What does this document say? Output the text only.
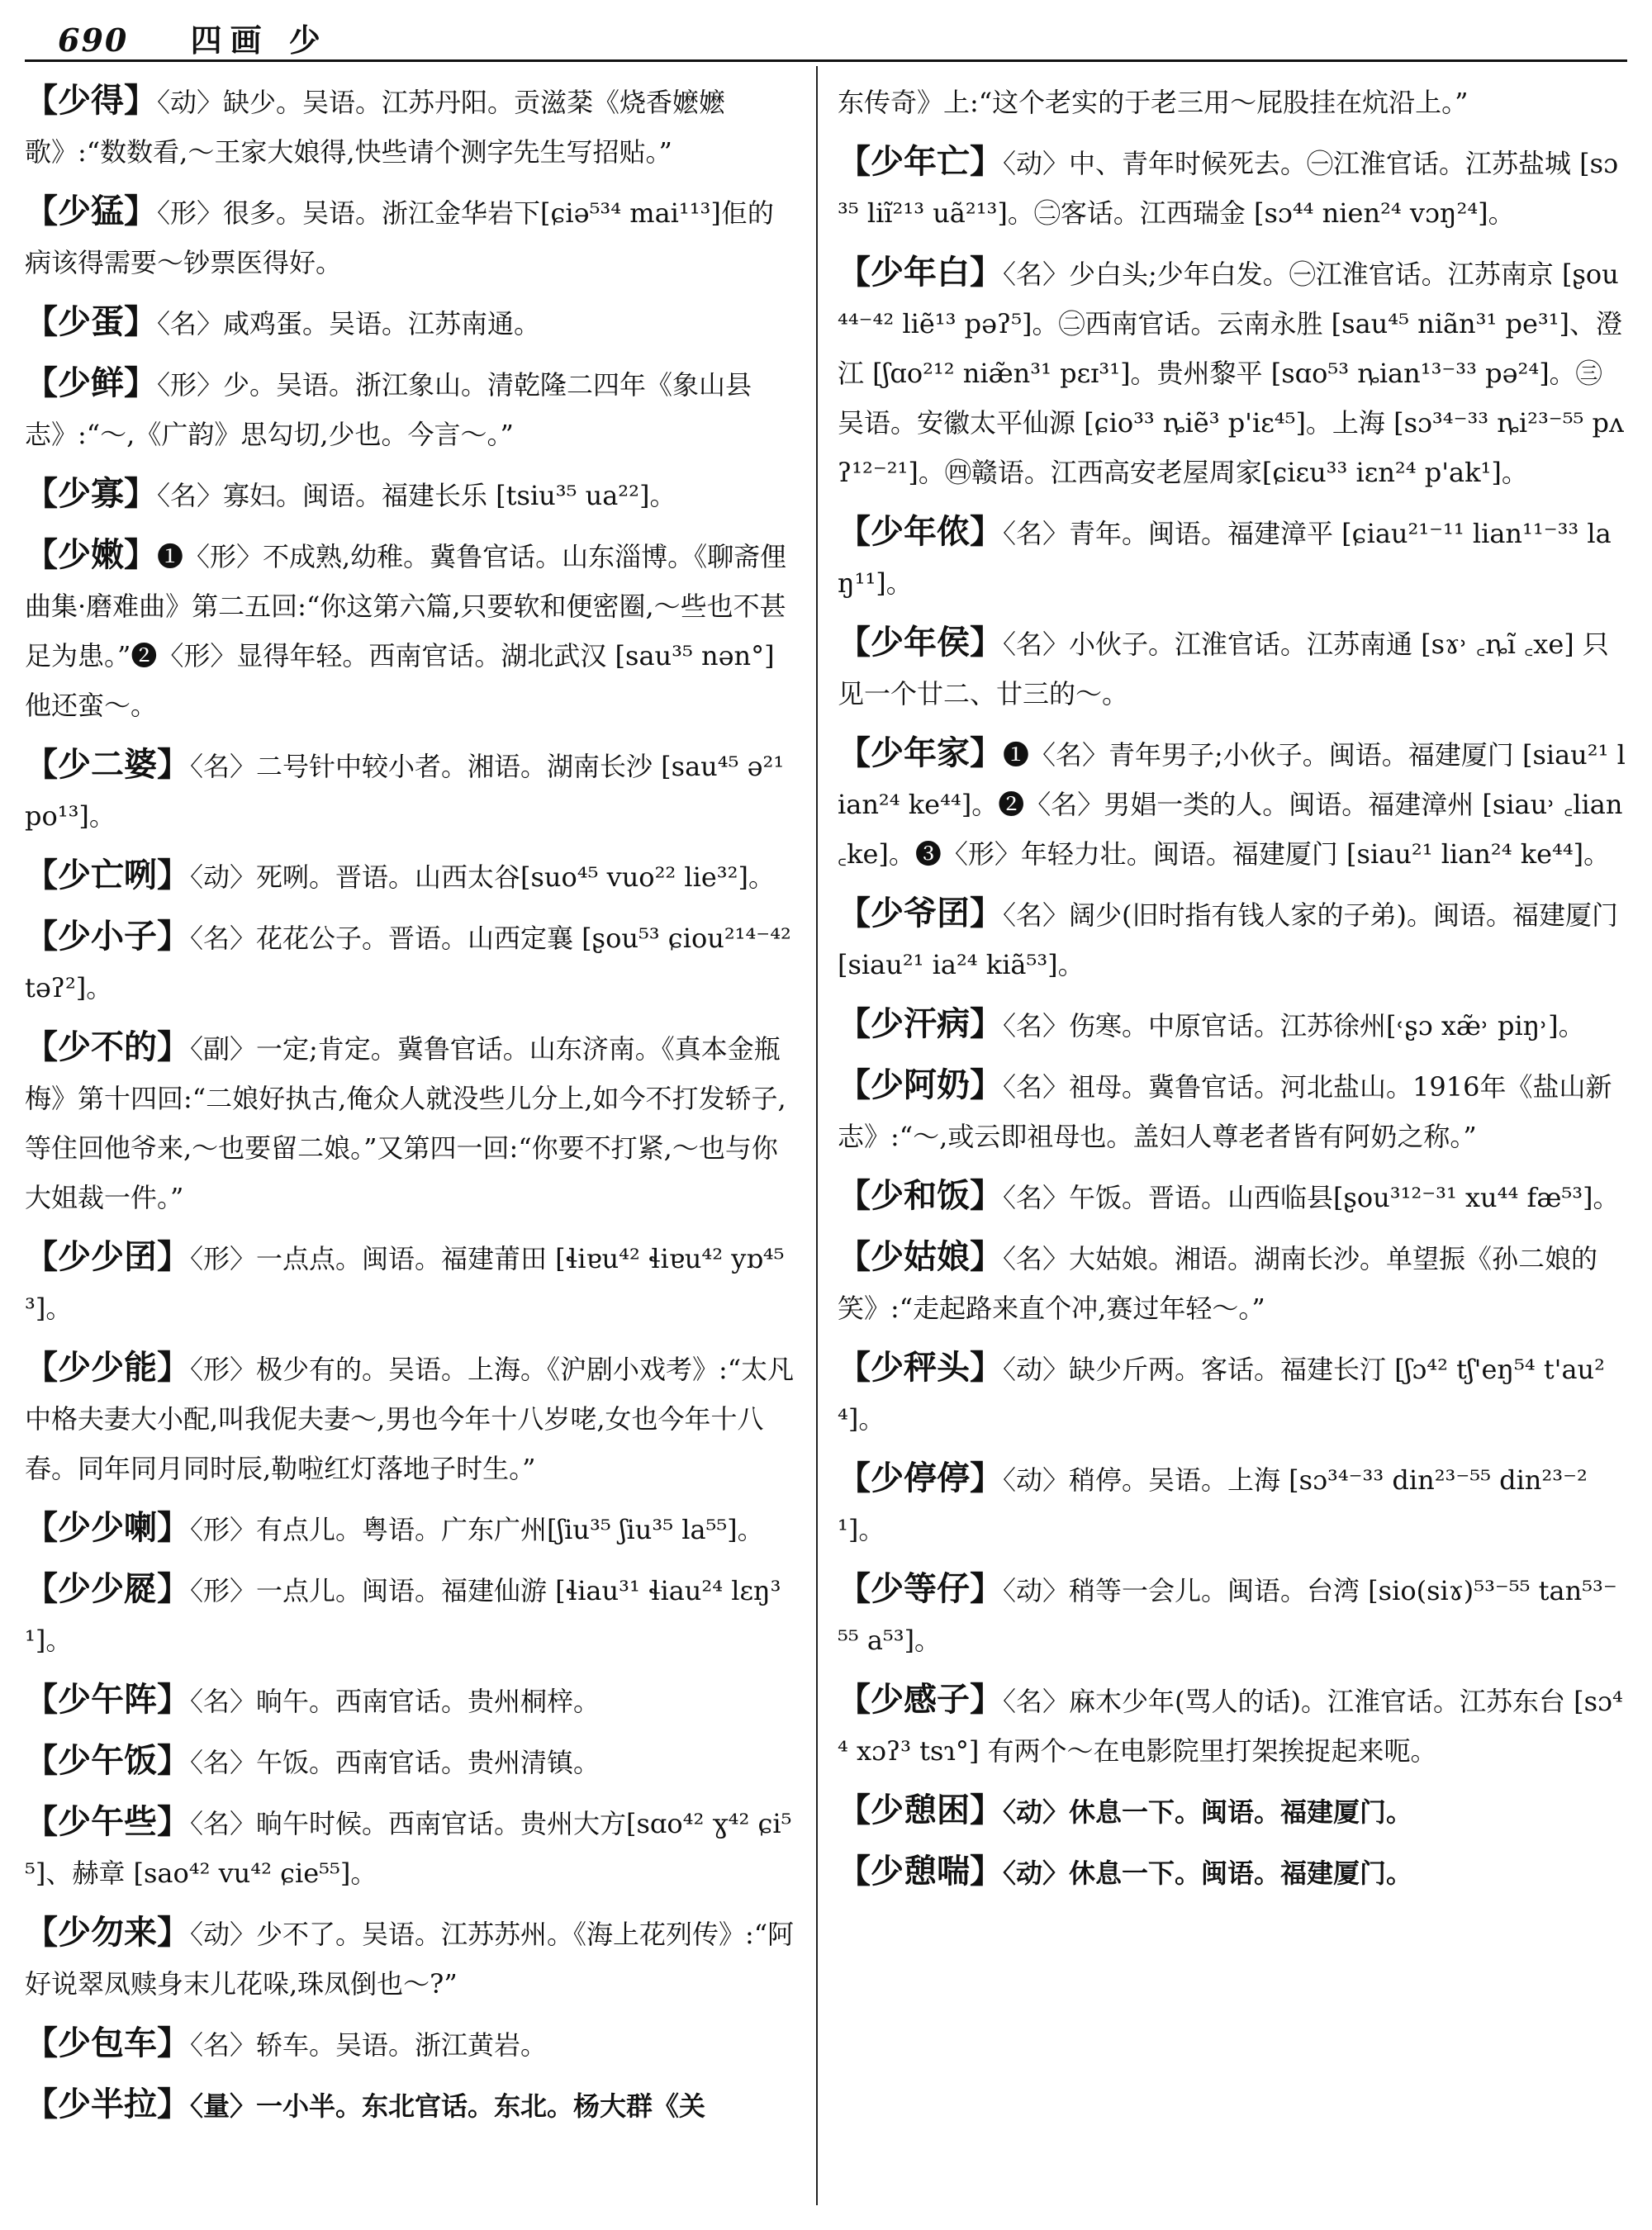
690 四画 少
【少得】〈动〉缺少。吴语。江苏丹阳。贡滋棻《烧香嬷嬷歌》:“数数看,～王家大娘得,快些请个测字先生写招贴。”
【少猛】〈形〉很多。吴语。浙江金华岩下[ɕiə⁵³⁴ mai¹¹³]佢的病该得需要～钞票医得好。
【少蛋】〈名〉咸鸡蛋。吴语。江苏南通。
【少鲜】〈形〉少。吴语。浙江象山。清乾隆二四年《象山县志》:“～,《广韵》思勾切,少也。今言～。”
【少寡】〈名〉寡妇。闽语。福建长乐 [tsiu³⁵ ua²²]。
【少嫩】❶〈形〉不成熟,幼稚。冀鲁官话。山东淄博。《聊斋俚曲集·磨难曲》第二五回:“你这第六篇,只要软和便密圈,～些也不甚足为患。”❷〈形〉显得年轻。西南官话。湖北武汉 [sau³⁵ nən°] 他还蛮～。
【少二婆】〈名〉二号针中较小者。湘语。湖南长沙 [sau⁴⁵ ə²¹ po¹³]。
【少亡咧】〈动〉死咧。晋语。山西太谷[suo⁴⁵ vuo²² lie³²]。
【少小子】〈名〉花花公子。晋语。山西定襄 [ʂou⁵³ ɕiou²¹⁴⁻⁴² təʔ²]。
【少不的】〈副〉一定;肯定。冀鲁官话。山东济南。《真本金瓶梅》第十四回:“二娘好执古,俺众人就没些儿分上,如今不打发轿子,等住回他爷来,～也要留二娘。”又第四一回:“你要不打紧,～也与你大姐裁一件。”
【少少囝】〈形〉一点点。闽语。福建莆田 [ɬiɐu⁴² ɬiɐu⁴² yɒ⁴⁵³]。
【少少能】〈形〉极少有的。吴语。上海。《沪剧小戏考》:“太凡中格夫妻大小配,叫我伲夫妻～,男也今年十八岁咾,女也今年十八春。同年同月同时辰,勒啦红灯落地子时生。”
【少少喇】〈形〉有点儿。粤语。广东广州[ʃiu³⁵ ʃiu³⁵ la⁵⁵]。
【少少㞞】〈形〉一点儿。闽语。福建仙游 [ɬiau³¹ ɬiau²⁴ lɛŋ³¹]。
【少午阵】〈名〉晌午。西南官话。贵州桐梓。
【少午饭】〈名〉午饭。西南官话。贵州清镇。
【少午些】〈名〉晌午时候。西南官话。贵州大方[sɑo⁴² ɣ⁴² ɕi⁵⁵]、赫章 [sao⁴² vu⁴² ɕie⁵⁵]。
【少勿来】〈动〉少不了。吴语。江苏苏州。《海上花列传》:“阿好说翠凤赎身末儿花哚,珠凤倒也～?”
【少包车】〈名〉轿车。吴语。浙江黄岩。
【少半拉】〈量〉一小半。东北官话。东北。杨大群《关
东传奇》上:“这个老实的于老三用～屁股挂在炕沿上。”
【少年亡】〈动〉中、青年时候死去。㊀江淮官话。江苏盐城 [sɔ³⁵ liĩ²¹³ uã²¹³]。㊁客话。江西瑞金 [sɔ⁴⁴ nien²⁴ vɔŋ²⁴]。
【少年白】〈名〉少白头;少年白发。㊀江淮官话。江苏南京 [ʂou⁴⁴⁻⁴² liẽ¹³ pəʔ⁵]。㊁西南官话。云南永胜 [sau⁴⁵ niãn³¹ pe³¹]、澄江 [ʃɑo²¹² niæ̃n³¹ pɛɪ³¹]。贵州黎平 [sɑo⁵³ ȵian¹³⁻³³ pə²⁴]。㊂吴语。安徽太平仙源 [ɕio³³ ȵiẽ³ p'iɛ⁴⁵]。上海 [sɔ³⁴⁻³³ ȵi²³⁻⁵⁵ pʌʔ¹²⁻²¹]。㊃赣语。江西高安老屋周家[ɕiɛu³³ iɛn²⁴ p'ak¹]。
【少年侬】〈名〉青年。闽语。福建漳平 [ɕiau²¹⁻¹¹ lian¹¹⁻³³ laŋ¹¹]。
【少年侯】〈名〉小伙子。江淮官话。江苏南通 [sɤ˒ ꜀ȵĩ ꜀xe] 只见一个廿二、廿三的～。
【少年家】❶〈名〉青年男子;小伙子。闽语。福建厦门 [siau²¹ lian²⁴ ke⁴⁴]。❷〈名〉男娼一类的人。闽语。福建漳州 [siau˒ ꜀lian ꜀ke]。❸〈形〉年轻力壮。闽语。福建厦门 [siau²¹ lian²⁴ ke⁴⁴]。
【少爷囝】〈名〉阔少(旧时指有钱人家的子弟)。闽语。福建厦门 [siau²¹ ia²⁴ kiã⁵³]。
【少汗病】〈名〉伤寒。中原官话。江苏徐州[˓ʂɔ xæ̃˒ piŋ˒]。
【少阿奶】〈名〉祖母。冀鲁官话。河北盐山。1916年《盐山新志》:“～,或云即祖母也。盖妇人尊老者皆有阿奶之称。”
【少和饭】〈名〉午饭。晋语。山西临县[ʂou³¹²⁻³¹ xu⁴⁴ fæ⁵³]。
【少姑娘】〈名〉大姑娘。湘语。湖南长沙。单望振《孙二娘的笑》:“走起路来直个冲,赛过年轻～。”
【少秤头】〈动〉缺少斤两。客话。福建长汀 [ʃɔ⁴² tʃ'eŋ⁵⁴ t'au²⁴]。
【少停停】〈动〉稍停。吴语。上海 [sɔ³⁴⁻³³ din²³⁻⁵⁵ din²³⁻²¹]。
【少等仔】〈动〉稍等一会儿。闽语。台湾 [sio(siɤ)⁵³⁻⁵⁵ tan⁵³⁻⁵⁵ a⁵³]。
【少感子】〈名〉麻木少年(骂人的话)。江淮官话。江苏东台 [sɔ⁴⁴ xɔʔ³ tsɿ°] 有两个～在电影院里打架挨捉起来呃。
【少憩困】〈动〉休息一下。闽语。福建厦门。
【少憩喘】〈动〉休息一下。闽语。福建厦门。
